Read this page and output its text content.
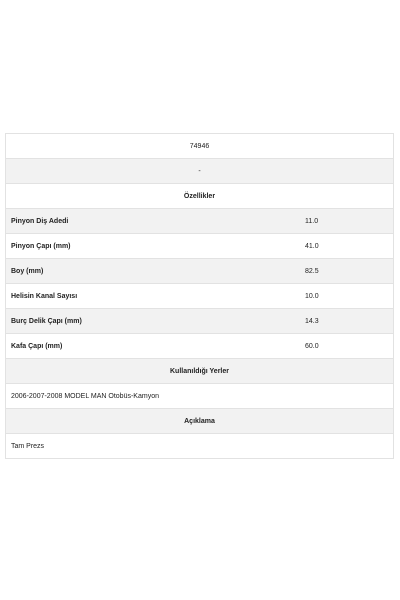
74946
-
Özellikler
Pinyon Diş Adedi	11.0
Pinyon Çapı (mm)	41.0
Boy (mm)	82.5
Helisin Kanal Sayısı	10.0
Burç Delik Çapı (mm)	14.3
Kafa Çapı (mm)	60.0
Kullanıldığı Yerler
2006-2007-2008 MODEL MAN Otobüs-Kamyon
Açıklama
Tam Prezs
